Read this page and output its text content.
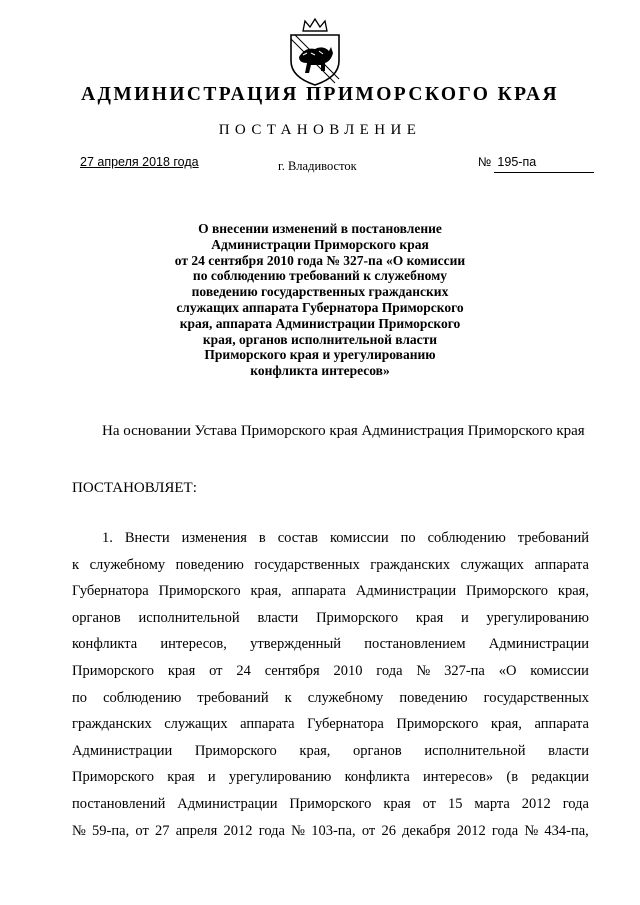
АДМИНИСТРАЦИЯ ПРИМОРСКОГО КРАЯ
ПОСТАНОВЛЕНИЕ
27 апреля 2018 года	г. Владивосток	№ 195-па
О внесении изменений в постановление
Администрации Приморского края
от 24 сентября 2010 года № 327-па «О комиссии
по соблюдению требований к служебному
поведению государственных гражданских
служащих аппарата Губернатора Приморского
края, аппарата Администрации Приморского
края, органов исполнительной власти
Приморского края и урегулированию
конфликта интересов»
На основании Устава Приморского края Администрация Приморского края
ПОСТАНОВЛЯЕТ:
1. Внести изменения в состав комиссии по соблюдению требований
к служебному поведению государственных гражданских служащих аппарата
Губернатора Приморского края, аппарата Администрации Приморского края,
органов исполнительной власти Приморского края и урегулированию
конфликта интересов, утвержденный постановлением Администрации
Приморского края от 24 сентября 2010 года № 327-па «О комиссии
по соблюдению требований к служебному поведению государственных
гражданских служащих аппарата Губернатора Приморского края, аппарата
Администрации Приморского края, органов исполнительной власти
Приморского края и урегулированию конфликта интересов» (в редакции
постановлений Администрации Приморского края от 15 марта 2012 года
№ 59-па, от 27 апреля 2012 года № 103-па, от 26 декабря 2012 года № 434-па,
